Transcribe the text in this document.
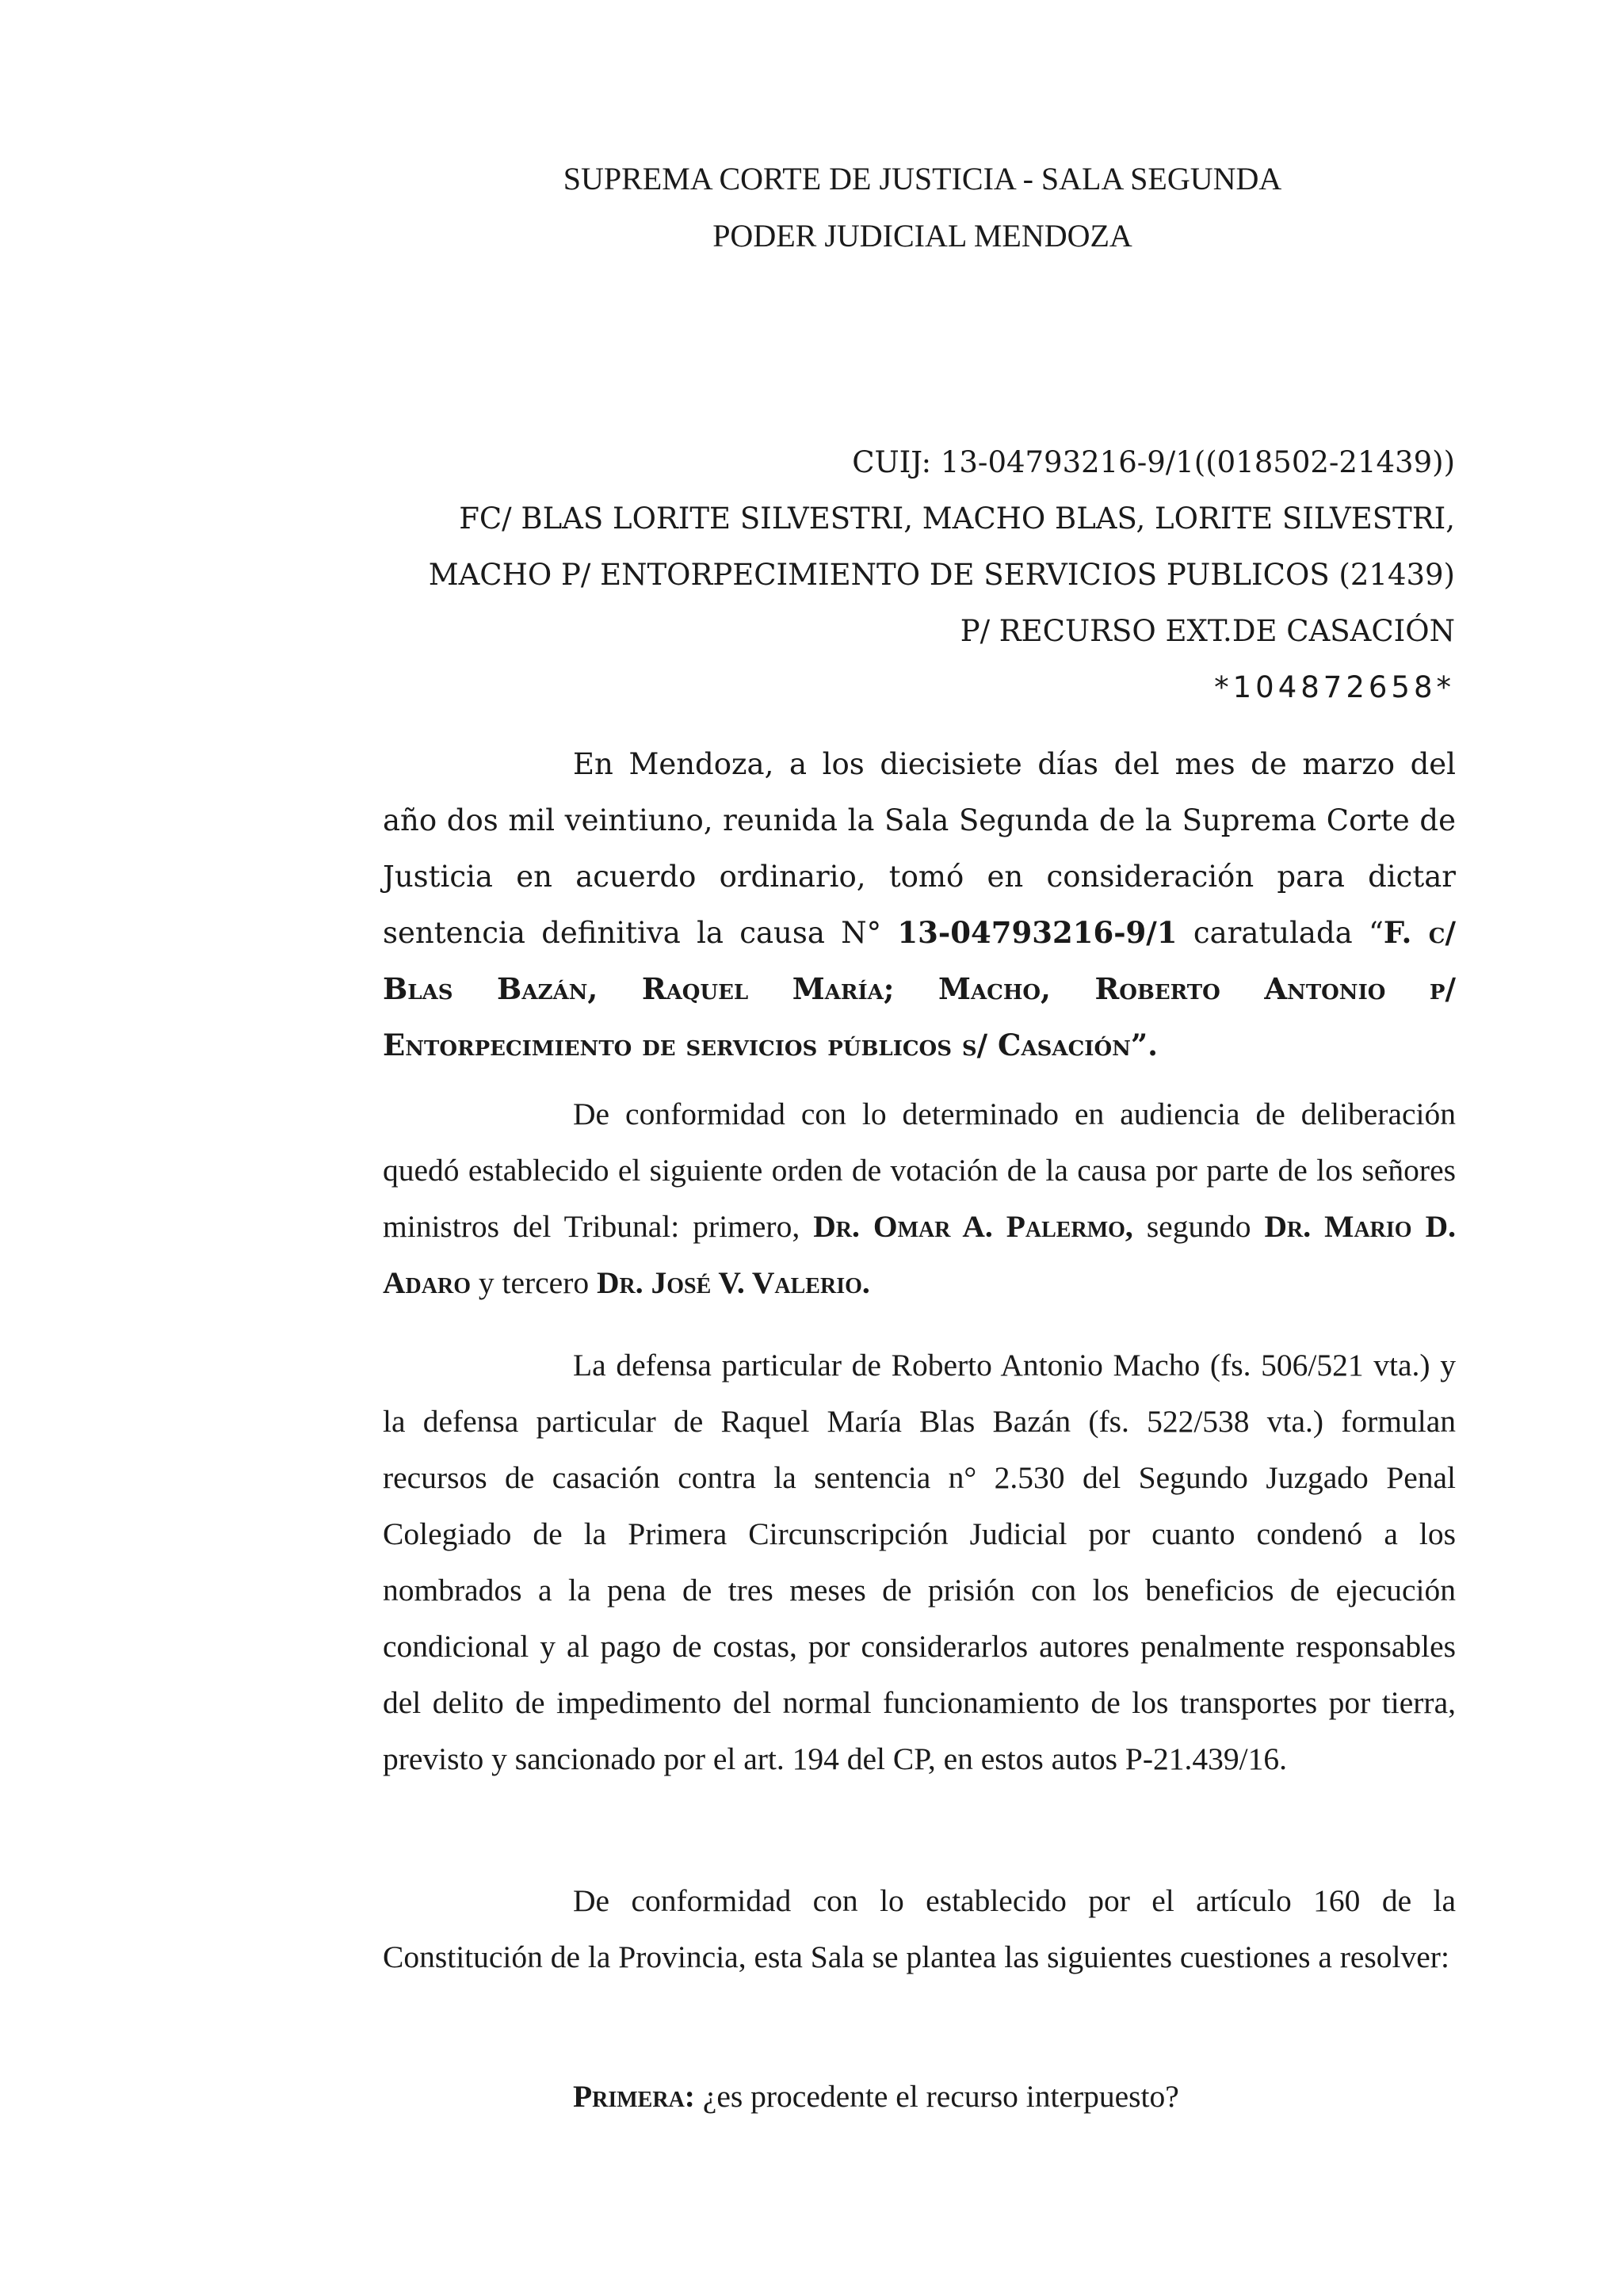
SUPREMA CORTE DE JUSTICIA - SALA SEGUNDA
PODER JUDICIAL MENDOZA
CUIJ: 13-04793216-9/1((018502-21439))
FC/ BLAS LORITE SILVESTRI, MACHO BLAS, LORITE SILVESTRI,
MACHO P/ ENTORPECIMIENTO DE SERVICIOS PUBLICOS (21439)
P/ RECURSO EXT.DE CASACIÓN
*104872658*

En Mendoza, a los diecisiete días del mes de marzo del año dos mil veintiuno, reunida la Sala Segunda de la Suprema Corte de Justicia en acuerdo ordinario, tomó en consideración para dictar sentencia definitiva la causa N° 13-04793216-9/1 caratulada “F. c/ Blas Bazán, Raquel María; Macho, Roberto Antonio p/ Entorpecimiento de servicios públicos s/ Casación”.

De conformidad con lo determinado en audiencia de deliberación quedó establecido el siguiente orden de votación de la causa por parte de los señores ministros del Tribunal: primero, Dr. Omar A. Palermo, segundo Dr. Mario D. Adaro y tercero Dr. José V. Valerio.

La defensa particular de Roberto Antonio Macho (fs. 506/521 vta.) y la defensa particular de Raquel María Blas Bazán (fs. 522/538 vta.) formulan recursos de casación contra la sentencia n° 2.530 del Segundo Juzgado Penal Colegiado de la Primera Circunscripción Judicial por cuanto condenó a los nombrados a la pena de tres meses de prisión con los beneficios de ejecución condicional y al pago de costas, por considerarlos autores penalmente responsables del delito de impedimento del normal funcionamiento de los transportes por tierra, previsto y sancionado por el art. 194 del CP, en estos autos P-21.439/16.

De conformidad con lo establecido por el artículo 160 de la Constitución de la Provincia, esta Sala se plantea las siguientes cuestiones a resolver:

Primera: ¿es procedente el recurso interpuesto?
